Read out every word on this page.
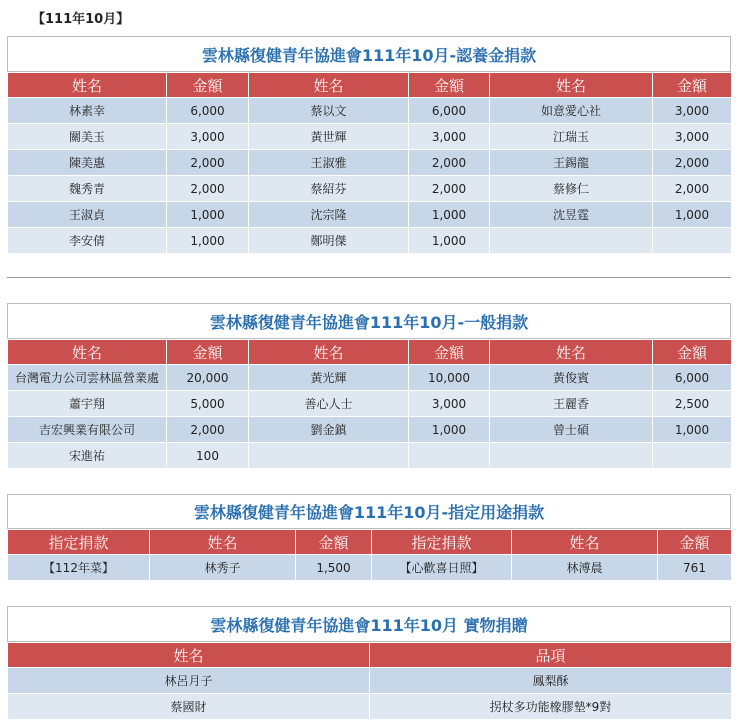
【111年10月】
雲林縣復健青年協進會111年10月-認養金捐款
姓名	金額	姓名	金額	姓名	金額
林素幸	6,000	蔡以文	6,000	如意愛心社	3,000
關美玉	3,000	黃世輝	3,000	江瑞玉	3,000
陳美惠	2,000	王淑雅	2,000	王錫龍	2,000
魏秀青	2,000	蔡紹芬	2,000	蔡修仁	2,000
王淑貞	1,000	沈宗隆	1,000	沈昱霆	1,000
李安倩	1,000	鄭明傑	1,000		
雲林縣復健青年協進會111年10月-一般捐款
姓名	金額	姓名	金額	姓名	金額
台灣電力公司雲林區營業處	20,000	黃光輝	10,000	黃俊賓	6,000
蕭宇翔	5,000	善心人士	3,000	王麗香	2,500
吉宏興業有限公司	2,000	劉金鎮	1,000	曾士碩	1,000
宋進祐	100				
雲林縣復健青年協進會111年10月-指定用途捐款
指定捐款	姓名	金額	指定捐款	姓名	金額
【112年菜】	林秀子	1,500	【心歡喜日照】	林溥晨	761
雲林縣復健青年協進會111年10月 實物捐贈
姓名	品項
林呂月子	鳳梨酥
蔡國財	拐杖多功能橡膠墊*9對
